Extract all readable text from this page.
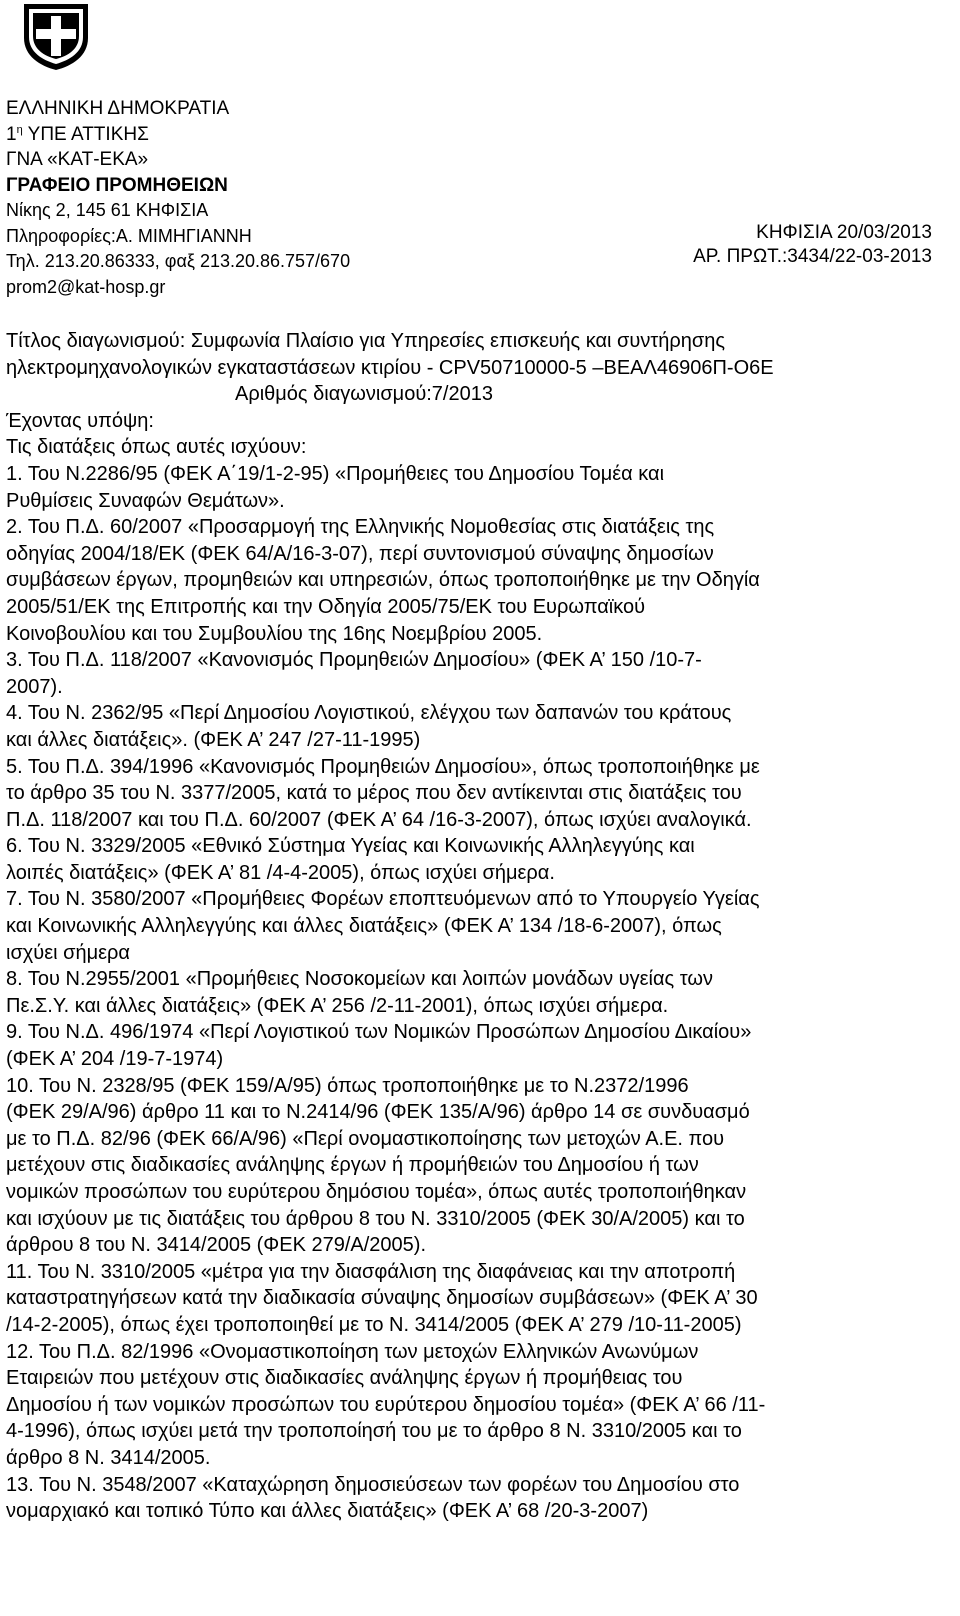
ΕΛΛΗΝΙΚΗ ΔΗΜΟΚΡΑΤΙΑ
$1^\eta$ ΥΠΕ ΑΤΤΙΚΗΣ
ΓΝΑ «ΚΑΤ-ΕΚΑ»
ΓΡΑΦΕΙΟ ΠΡΟΜΗΘΕΙΩΝ
Νίκης 2, 145 61 ΚΗΦΙΣΙΑ
Πληροφορίες:Α. ΜΙΜΗΓΙΑΝΝΗ
Τηλ. 213.20.86333, φαξ 213.20.86.757/670
prom2@kat-hosp.gr
ΚΗΦΙΣΙΑ 20/03/2013
ΑΡ. ΠΡΩΤ.:3434/22-03-2013
Τίτλος διαγωνισμού: Συμφωνία Πλαίσιο για Υπηρεσίες επισκευής και συντήρησης
ηλεκτρομηχανολογικών εγκαταστάσεων κτιρίου - CPV50710000-5 –ΒΕΑΛ46906Π-Ο6Ε
Αριθμός διαγωνισμού:7/2013
Έχοντας υπόψη:
Τις διατάξεις όπως αυτές ισχύουν:
1. Του Ν.2286/95 (ΦΕΚ Α΄19/1-2-95) «Προμήθειες του Δημοσίου Τομέα και
Ρυθμίσεις Συναφών Θεμάτων».
2. Του Π.Δ. 60/2007 «Προσαρμογή της Ελληνικής Νομοθεσίας στις διατάξεις της
οδηγίας 2004/18/ΕΚ (ΦΕΚ 64/Α/16-3-07), περί συντονισμού σύναψης δημοσίων
συμβάσεων έργων, προμηθειών και υπηρεσιών, όπως τροποποιήθηκε με την Οδηγία
2005/51/ΕΚ της Επιτροπής και την Οδηγία 2005/75/ΕΚ του Ευρωπαϊκού
Κοινοβουλίου και του Συμβουλίου της 16ης Νοεμβρίου 2005.
3. Του Π.Δ. 118/2007 «Κανονισμός Προμηθειών Δημοσίου» (ΦΕΚ Α’ 150 /10-7-
2007).
4. Του Ν. 2362/95 «Περί Δημοσίου Λογιστικού, ελέγχου των δαπανών του κράτους
και άλλες διατάξεις». (ΦΕΚ Α’ 247 /27-11-1995)
5. Του Π.Δ. 394/1996 «Κανονισμός Προμηθειών Δημοσίου», όπως τροποποιήθηκε με
το άρθρο 35 του Ν. 3377/2005, κατά το μέρος που δεν αντίκεινται στις διατάξεις του
Π.Δ. 118/2007 και του Π.Δ. 60/2007 (ΦΕΚ Α’ 64 /16-3-2007), όπως ισχύει αναλογικά.
6. Του Ν. 3329/2005 «Εθνικό Σύστημα Υγείας και Κοινωνικής Αλληλεγγύης και
λοιπές διατάξεις» (ΦΕΚ Α’ 81 /4-4-2005), όπως ισχύει σήμερα.
7. Του Ν. 3580/2007 «Προμήθειες Φορέων εποπτευόμενων από το Υπουργείο Υγείας
και Κοινωνικής Αλληλεγγύης και άλλες διατάξεις» (ΦΕΚ Α’ 134 /18-6-2007), όπως
ισχύει σήμερα
8. Του Ν.2955/2001 «Προμήθειες Νοσοκομείων και λοιπών μονάδων υγείας των
Πε.Σ.Υ. και άλλες διατάξεις» (ΦΕΚ Α’ 256 /2-11-2001), όπως ισχύει σήμερα.
9. Του Ν.Δ. 496/1974 «Περί Λογιστικού των Νομικών Προσώπων Δημοσίου Δικαίου»
(ΦΕΚ Α’ 204 /19-7-1974)
10. Του Ν. 2328/95 (ΦΕΚ 159/Α/95) όπως τροποποιήθηκε με το Ν.2372/1996
(ΦΕΚ 29/Α/96) άρθρο 11 και το Ν.2414/96 (ΦΕΚ 135/Α/96) άρθρο 14 σε συνδυασμό
με το Π.Δ. 82/96 (ΦΕΚ 66/Α/96) «Περί ονομαστικοποίησης των μετοχών Α.Ε. που
μετέχουν στις διαδικασίες ανάληψης έργων ή προμήθειών του Δημοσίου ή των
νομικών προσώπων του ευρύτερου δημόσιου τομέα», όπως αυτές τροποποιήθηκαν
και ισχύουν με τις διατάξεις του άρθρου 8 του Ν. 3310/2005 (ΦΕΚ 30/Α/2005) και το
άρθρου 8 του Ν. 3414/2005 (ΦΕΚ 279/Α/2005).
11. Του Ν. 3310/2005 «μέτρα για την διασφάλιση της διαφάνειας και την αποτροπή
καταστρατηγήσεων κατά την διαδικασία σύναψης δημοσίων συμβάσεων» (ΦΕΚ Α’ 30
/14-2-2005), όπως έχει τροποποιηθεί με το Ν. 3414/2005 (ΦΕΚ Α’ 279 /10-11-2005)
12. Του Π.Δ. 82/1996 «Ονομαστικοποίηση των μετοχών Ελληνικών Ανωνύμων
Εταιρειών που μετέχουν στις διαδικασίες ανάληψης έργων ή προμήθειας του
Δημοσίου ή των νομικών προσώπων του ευρύτερου δημοσίου τομέα» (ΦΕΚ Α’ 66 /11-
4-1996), όπως ισχύει μετά την τροποποίησή του με το άρθρο 8 Ν. 3310/2005 και το
άρθρο 8 Ν. 3414/2005.
13. Του Ν. 3548/2007 «Καταχώρηση δημοσιεύσεων των φορέων του Δημοσίου στο
νομαρχιακό και τοπικό Τύπο και άλλες διατάξεις» (ΦΕΚ Α’ 68 /20-3-2007)
